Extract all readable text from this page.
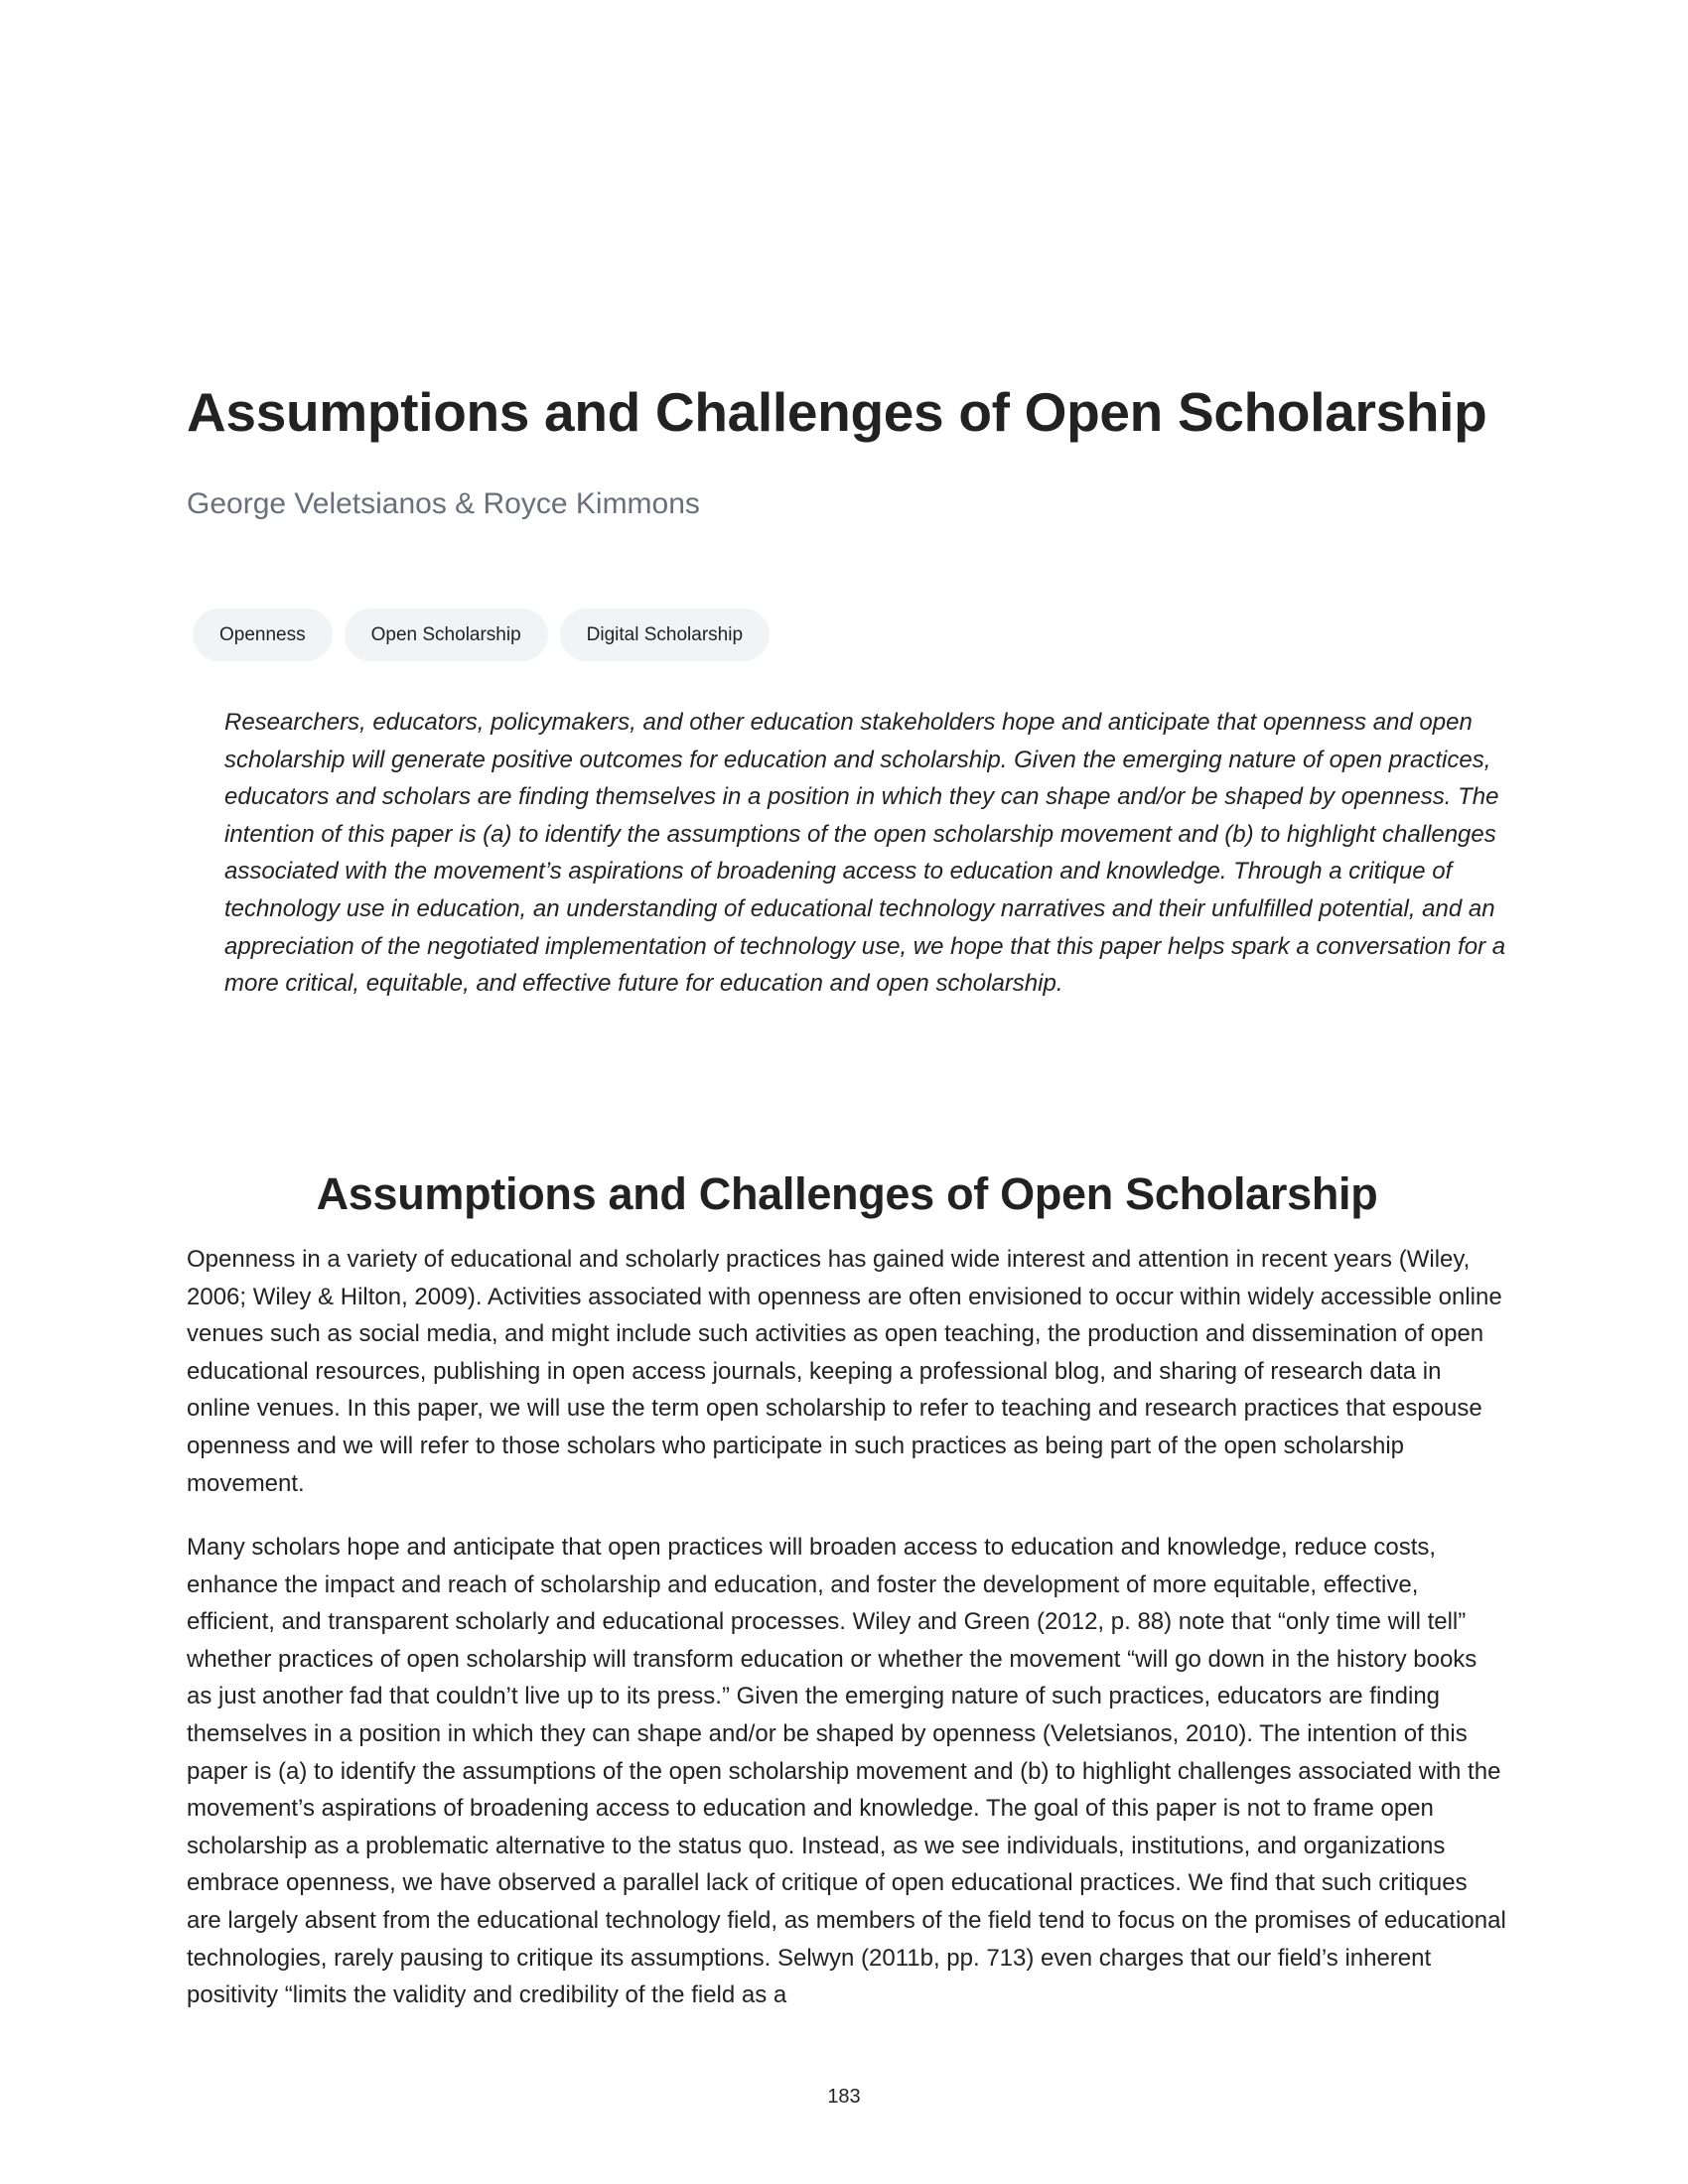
Assumptions and Challenges of Open Scholarship

George Veletsianos & Royce Kimmons

Openness	Open Scholarship	Digital Scholarship

Researchers, educators, policymakers, and other education stakeholders hope and anticipate that openness and open scholarship will generate positive outcomes for education and scholarship. Given the emerging nature of open practices, educators and scholars are finding themselves in a position in which they can shape and/or be shaped by openness. The intention of this paper is (a) to identify the assumptions of the open scholarship movement and (b) to highlight challenges associated with the movement’s aspirations of broadening access to education and knowledge. Through a critique of technology use in education, an understanding of educational technology narratives and their unfulfilled potential, and an appreciation of the negotiated implementation of technology use, we hope that this paper helps spark a conversation for a more critical, equitable, and effective future for education and open scholarship.

Assumptions and Challenges of Open Scholarship

Openness in a variety of educational and scholarly practices has gained wide interest and attention in recent years (Wiley, 2006; Wiley & Hilton, 2009). Activities associated with openness are often envisioned to occur within widely accessible online venues such as social media, and might include such activities as open teaching, the production and dissemination of open educational resources, publishing in open access journals, keeping a professional blog, and sharing of research data in online venues. In this paper, we will use the term open scholarship to refer to teaching and research practices that espouse openness and we will refer to those scholars who participate in such practices as being part of the open scholarship movement.

Many scholars hope and anticipate that open practices will broaden access to education and knowledge, reduce costs, enhance the impact and reach of scholarship and education, and foster the development of more equitable, effective, efficient, and transparent scholarly and educational processes. Wiley and Green (2012, p. 88) note that “only time will tell” whether practices of open scholarship will transform education or whether the movement “will go down in the history books as just another fad that couldn’t live up to its press.” Given the emerging nature of such practices, educators are finding themselves in a position in which they can shape and/or be shaped by openness (Veletsianos, 2010). The intention of this paper is (a) to identify the assumptions of the open scholarship movement and (b) to highlight challenges associated with the movement’s aspirations of broadening access to education and knowledge. The goal of this paper is not to frame open scholarship as a problematic alternative to the status quo. Instead, as we see individuals, institutions, and organizations embrace openness, we have observed a parallel lack of critique of open educational practices. We find that such critiques are largely absent from the educational technology field, as members of the field tend to focus on the promises of educational technologies, rarely pausing to critique its assumptions. Selwyn (2011b, pp. 713) even charges that our field’s inherent positivity “limits the validity and credibility of the field as a

183
